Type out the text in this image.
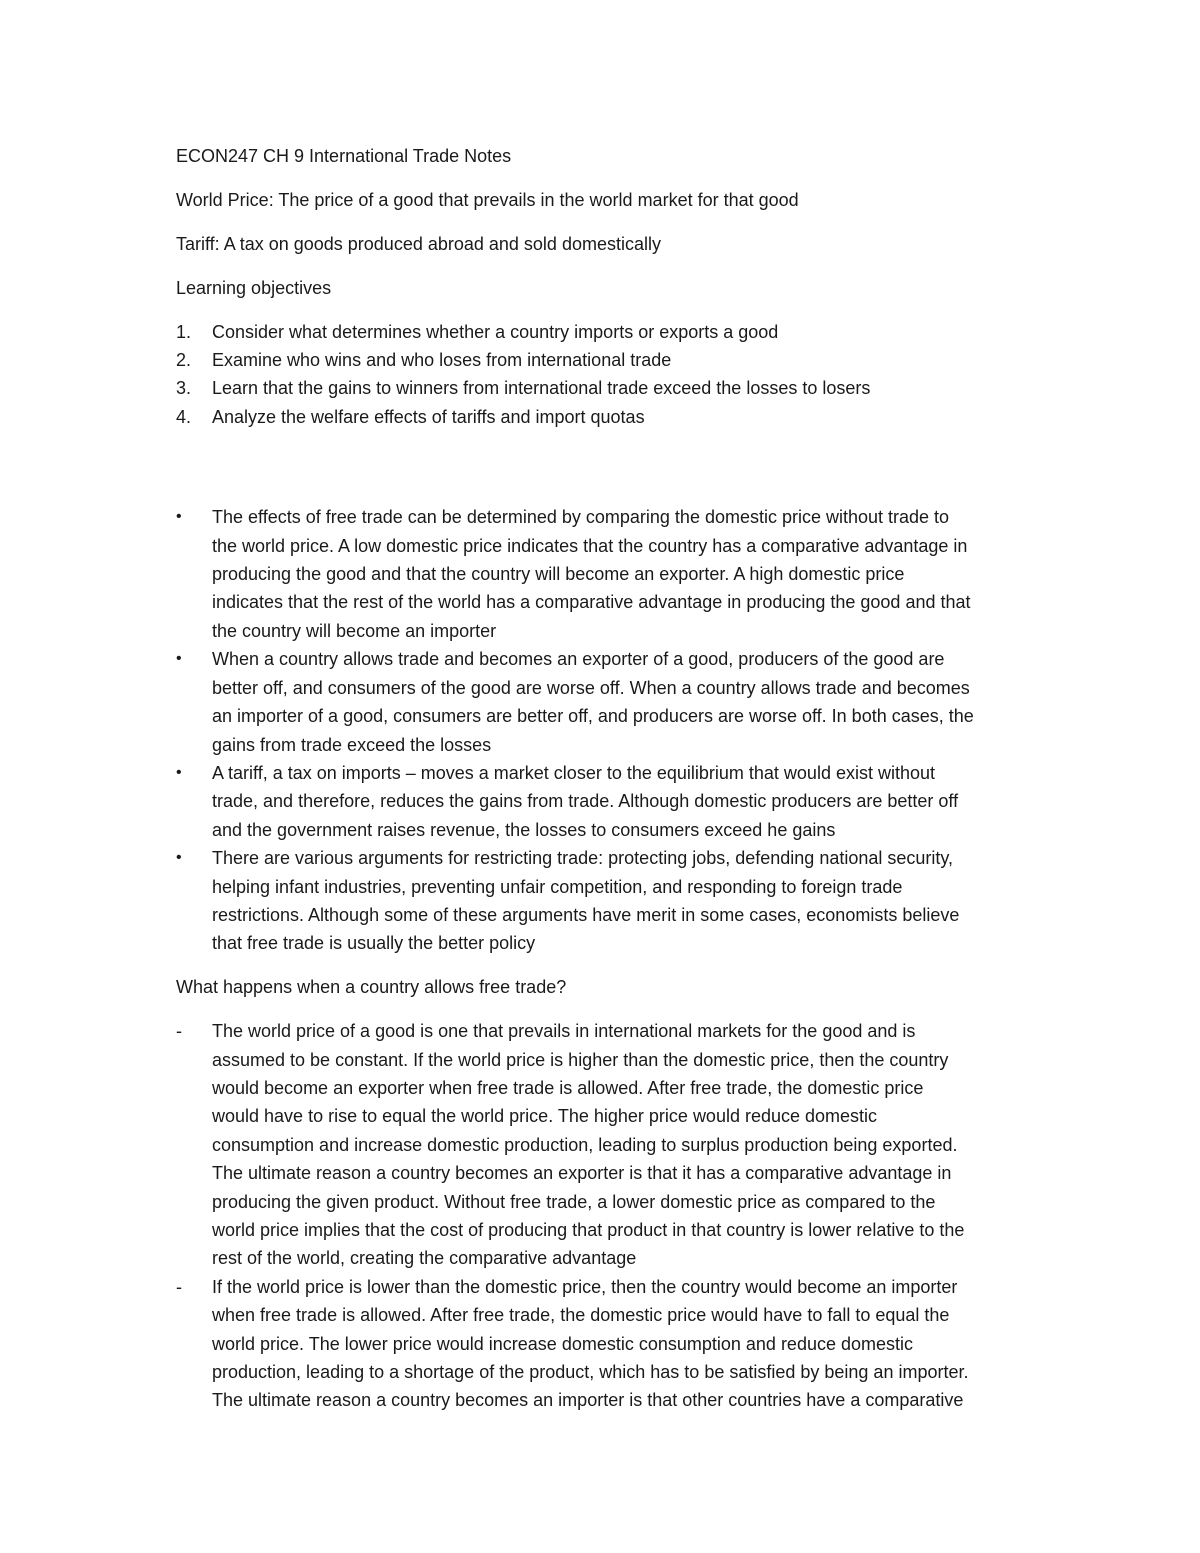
ECON247 CH 9 International Trade Notes

World Price: The price of a good that prevails in the world market for that good

Tariff: A tax on goods produced abroad and sold domestically

Learning objectives

1. Consider what determines whether a country imports or exports a good
2. Examine who wins and who loses from international trade
3. Learn that the gains to winners from international trade exceed the losses to losers
4. Analyze the welfare effects of tariffs and import quotas
•	The effects of free trade can be determined by comparing the domestic price without trade to
the world price. A low domestic price indicates that the country has a comparative advantage in
producing the good and that the country will become an exporter. A high domestic price
indicates that the rest of the world has a comparative advantage in producing the good and that
the country will become an importer
•	When a country allows trade and becomes an exporter of a good, producers of the good are
better off, and consumers of the good are worse off. When a country allows trade and becomes
an importer of a good, consumers are better off, and producers are worse off. In both cases, the
gains from trade exceed the losses
•	A tariff, a tax on imports – moves a market closer to the equilibrium that would exist without
trade, and therefore, reduces the gains from trade. Although domestic producers are better off
and the government raises revenue, the losses to consumers exceed he gains
•	There are various arguments for restricting trade: protecting jobs, defending national security,
helping infant industries, preventing unfair competition, and responding to foreign trade
restrictions. Although some of these arguments have merit in some cases, economists believe
that free trade is usually the better policy

What happens when a country allows free trade?

- The world price of a good is one that prevails in international markets for the good and is
assumed to be constant. If the world price is higher than the domestic price, then the country
would become an exporter when free trade is allowed. After free trade, the domestic price
would have to rise to equal the world price. The higher price would reduce domestic
consumption and increase domestic production, leading to surplus production being exported.
The ultimate reason a country becomes an exporter is that it has a comparative advantage in
producing the given product. Without free trade, a lower domestic price as compared to the
world price implies that the cost of producing that product in that country is lower relative to the
rest of the world, creating the comparative advantage
- If the world price is lower than the domestic price, then the country would become an importer
when free trade is allowed. After free trade, the domestic price would have to fall to equal the
world price. The lower price would increase domestic consumption and reduce domestic
production, leading to a shortage of the product, which has to be satisfied by being an importer.
The ultimate reason a country becomes an importer is that other countries have a comparative
